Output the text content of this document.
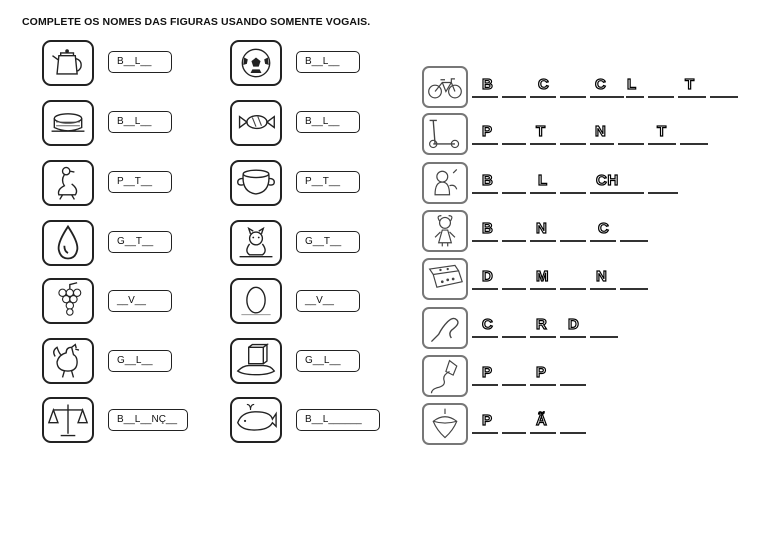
COMPLETE OS NOMES DAS FIGURAS USANDO SOMENTE VOGAIS.
B__L__
B__L__
P__T__
G__T__
__V__
G__L__
B__L__NÇ__
B__L__
B__L__
P__T__
G__T__
__V__
G__L__
B__L______
B	C	C L	T
P	T	N	T
B	L	CH
B	N	C
D	M	N
C	R D
P	P
P	Ã
